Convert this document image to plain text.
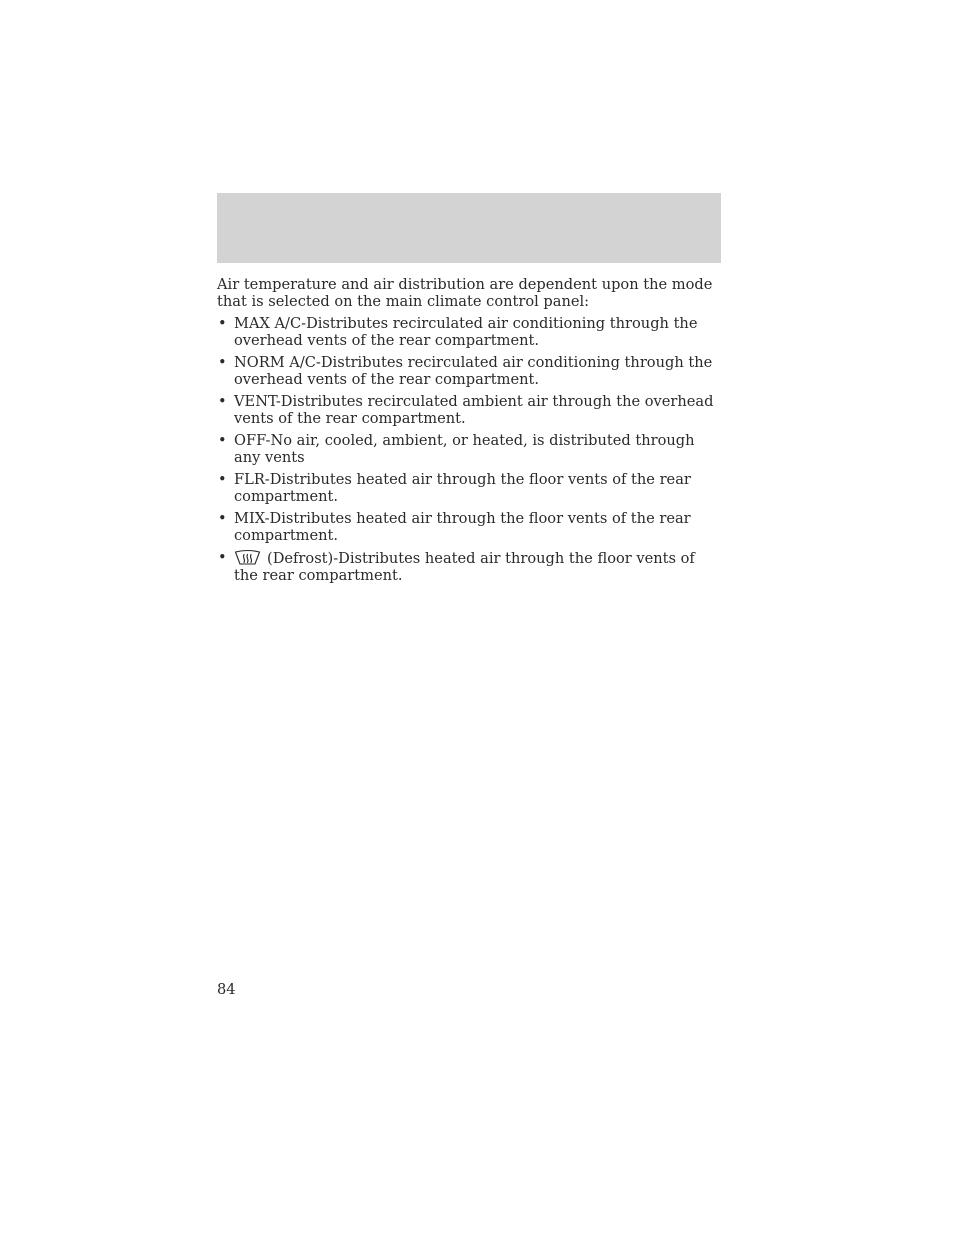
Air temperature and air distribution are dependent upon the mode that is selected on the main climate control panel:

• MAX A/C-Distributes recirculated air conditioning through the overhead vents of the rear compartment.
• NORM A/C-Distributes recirculated air conditioning through the overhead vents of the rear compartment.
• VENT-Distributes recirculated ambient air through the overhead vents of the rear compartment.
• OFF-No air, cooled, ambient, or heated, is distributed through any vents
• FLR-Distributes heated air through the floor vents of the rear compartment.
• MIX-Distributes heated air through the floor vents of the rear compartment.
•	(Defrost)-Distributes heated air through the floor vents of the rear compartment.
84
